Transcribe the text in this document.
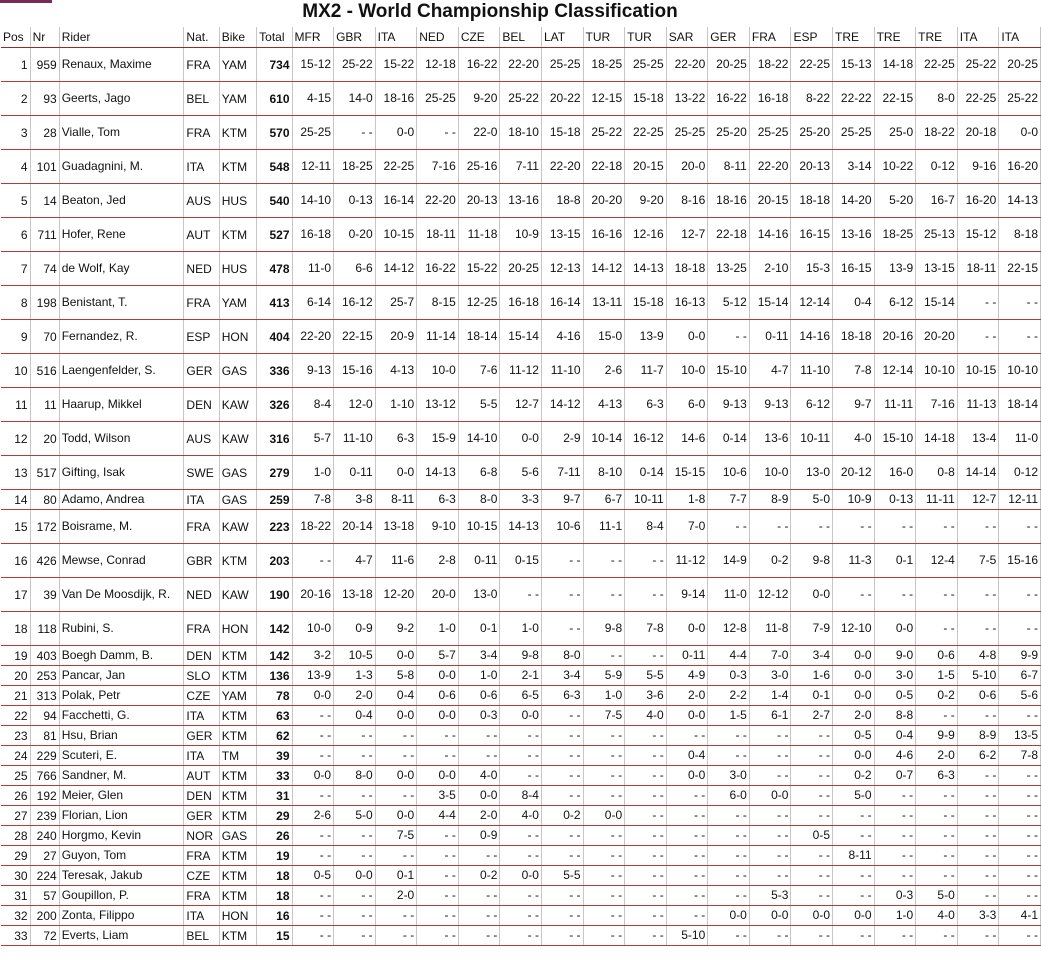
MX2 - World Championship Classification
Pos	Nr	Rider	Nat.	Bike	Total	MFR	GBR	ITA	NED	CZE	BEL	LAT	TUR	TUR	SAR	GER	FRA	ESP	TRE	TRE	TRE	ITA	ITA
1	959	Renaux, Maxime	FRA	YAM	734	15-12	25-22	15-22	12-18	16-22	22-20	25-25	18-25	25-25	22-20	20-25	18-22	22-25	15-13	14-18	22-25	25-22	20-25
2	93	Geerts, Jago	BEL	YAM	610	4-15	14-0	18-16	25-25	9-20	25-22	20-22	12-15	15-18	13-22	16-22	16-18	8-22	22-22	22-15	8-0	22-25	25-22
3	28	Vialle, Tom	FRA	KTM	570	25-25	- -	0-0	- -	22-0	18-10	15-18	25-22	22-25	25-25	25-20	25-25	25-20	25-25	25-0	18-22	20-18	0-0
4	101	Guadagnini, M.	ITA	KTM	548	12-11	18-25	22-25	7-16	25-16	7-11	22-20	22-18	20-15	20-0	8-11	22-20	20-13	3-14	10-22	0-12	9-16	16-20
5	14	Beaton, Jed	AUS	HUS	540	14-10	0-13	16-14	22-20	20-13	13-16	18-8	20-20	9-20	8-16	18-16	20-15	18-18	14-20	5-20	16-7	16-20	14-13
6	711	Hofer, Rene	AUT	KTM	527	16-18	0-20	10-15	18-11	11-18	10-9	13-15	16-16	12-16	12-7	22-18	14-16	16-15	13-16	18-25	25-13	15-12	8-18
7	74	de Wolf, Kay	NED	HUS	478	11-0	6-6	14-12	16-22	15-22	20-25	12-13	14-12	14-13	18-18	13-25	2-10	15-3	16-15	13-9	13-15	18-11	22-15
8	198	Benistant, T.	FRA	YAM	413	6-14	16-12	25-7	8-15	12-25	16-18	16-14	13-11	15-18	16-13	5-12	15-14	12-14	0-4	6-12	15-14	- -	- -
9	70	Fernandez, R.	ESP	HON	404	22-20	22-15	20-9	11-14	18-14	15-14	4-16	15-0	13-9	0-0	- -	0-11	14-16	18-18	20-16	20-20	- -	- -
10	516	Laengenfelder, S.	GER	GAS	336	9-13	15-16	4-13	10-0	7-6	11-12	11-10	2-6	11-7	10-0	15-10	4-7	11-10	7-8	12-14	10-10	10-15	10-10
11	11	Haarup, Mikkel	DEN	KAW	326	8-4	12-0	1-10	13-12	5-5	12-7	14-12	4-13	6-3	6-0	9-13	9-13	6-12	9-7	11-11	7-16	11-13	18-14
12	20	Todd, Wilson	AUS	KAW	316	5-7	11-10	6-3	15-9	14-10	0-0	2-9	10-14	16-12	14-6	0-14	13-6	10-11	4-0	15-10	14-18	13-4	11-0
13	517	Gifting, Isak	SWE	GAS	279	1-0	0-11	0-0	14-13	6-8	5-6	7-11	8-10	0-14	15-15	10-6	10-0	13-0	20-12	16-0	0-8	14-14	0-12
14	80	Adamo, Andrea	ITA	GAS	259	7-8	3-8	8-11	6-3	8-0	3-3	9-7	6-7	10-11	1-8	7-7	8-9	5-0	10-9	0-13	11-11	12-7	12-11
15	172	Boisrame, M.	FRA	KAW	223	18-22	20-14	13-18	9-10	10-15	14-13	10-6	11-1	8-4	7-0	- -	- -	- -	- -	- -	- -	- -	- -
16	426	Mewse, Conrad	GBR	KTM	203	- -	4-7	11-6	2-8	0-11	0-15	- -	- -	- -	11-12	14-9	0-2	9-8	11-3	0-1	12-4	7-5	15-16
17	39	Van De Moosdijk, R.	NED	KAW	190	20-16	13-18	12-20	20-0	13-0	- -	- -	- -	- -	9-14	11-0	12-12	0-0	- -	- -	- -	- -	- -
18	118	Rubini, S.	FRA	HON	142	10-0	0-9	9-2	1-0	0-1	1-0	- -	9-8	7-8	0-0	12-8	11-8	7-9	12-10	0-0	- -	- -	- -
19	403	Boegh Damm, B.	DEN	KTM	142	3-2	10-5	0-0	5-7	3-4	9-8	8-0	- -	- -	0-11	4-4	7-0	3-4	0-0	9-0	0-6	4-8	9-9
20	253	Pancar, Jan	SLO	KTM	136	13-9	1-3	5-8	0-0	1-0	2-1	3-4	5-9	5-5	4-9	0-3	3-0	1-6	0-0	3-0	1-5	5-10	6-7
21	313	Polak, Petr	CZE	YAM	78	0-0	2-0	0-4	0-6	0-6	6-5	6-3	1-0	3-6	2-0	2-2	1-4	0-1	0-0	0-5	0-2	0-6	5-6
22	94	Facchetti, G.	ITA	KTM	63	- -	0-4	0-0	0-0	0-3	0-0	- -	7-5	4-0	0-0	1-5	6-1	2-7	2-0	8-8	- -	- -	- -
23	81	Hsu, Brian	GER	KTM	62	- -	- -	- -	- -	- -	- -	- -	- -	- -	- -	- -	- -	- -	0-5	0-4	9-9	8-9	13-5
24	229	Scuteri, E.	ITA	TM	39	- -	- -	- -	- -	- -	- -	- -	- -	- -	0-4	- -	- -	- -	0-0	4-6	2-0	6-2	7-8
25	766	Sandner, M.	AUT	KTM	33	0-0	8-0	0-0	0-0	4-0	- -	- -	- -	- -	0-0	3-0	- -	- -	0-2	0-7	6-3	- -	- -
26	192	Meier, Glen	DEN	KTM	31	- -	- -	- -	3-5	0-0	8-4	- -	- -	- -	- -	6-0	0-0	- -	5-0	- -	- -	- -	- -
27	239	Florian, Lion	GER	KTM	29	2-6	5-0	0-0	4-4	2-0	4-0	0-2	0-0	- -	- -	- -	- -	- -	- -	- -	- -	- -	- -
28	240	Horgmo, Kevin	NOR	GAS	26	- -	- -	7-5	- -	0-9	- -	- -	- -	- -	- -	- -	- -	0-5	- -	- -	- -	- -	- -
29	27	Guyon, Tom	FRA	KTM	19	- -	- -	- -	- -	- -	- -	- -	- -	- -	- -	- -	- -	- -	8-11	- -	- -	- -	- -
30	224	Teresak, Jakub	CZE	KTM	18	0-5	0-0	0-1	- -	0-2	0-0	5-5	- -	- -	- -	- -	- -	- -	- -	- -	- -	- -	- -
31	57	Goupillon, P.	FRA	KTM	18	- -	- -	2-0	- -	- -	- -	- -	- -	- -	- -	- -	5-3	- -	- -	0-3	5-0	- -	- -
32	200	Zonta, Filippo	ITA	HON	16	- -	- -	- -	- -	- -	- -	- -	- -	- -	- -	0-0	0-0	0-0	0-0	1-0	4-0	3-3	4-1
33	72	Everts, Liam	BEL	KTM	15	- -	- -	- -	- -	- -	- -	- -	- -	- -	5-10	- -	- -	- -	- -	- -	- -	- -	- -
